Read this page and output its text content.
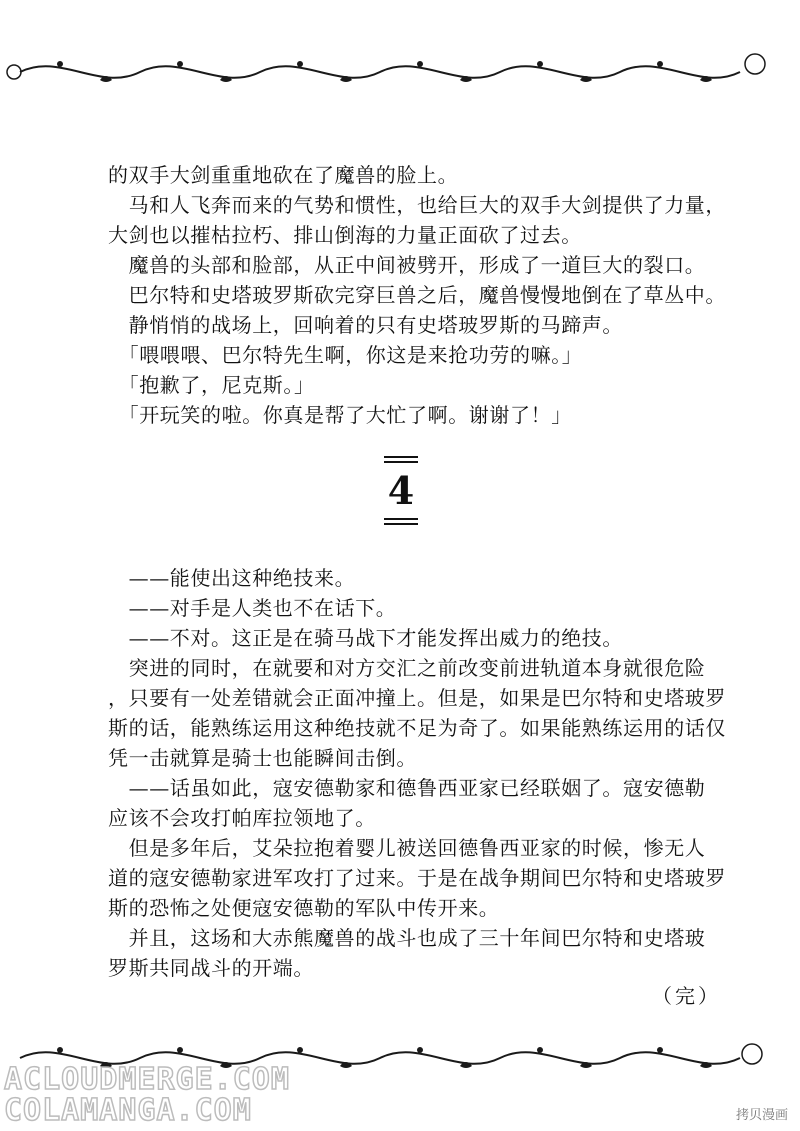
的双手大剑重重地砍在了魔兽的脸上。

　马和人飞奔而来的气势和惯性，也给巨大的双手大剑提供了力量，

大剑也以摧枯拉朽、排山倒海的力量正面砍了过去。

　魔兽的头部和脸部，从正中间被劈开，形成了一道巨大的裂口。

　巴尔特和史塔玻罗斯砍完穿巨兽之后，魔兽慢慢地倒在了草丛中。

　静悄悄的战场上，回响着的只有史塔玻罗斯的马蹄声。

　「喂喂喂、巴尔特先生啊，你这是来抢功劳的嘛。」

　「抱歉了，尼克斯。」

　「开玩笑的啦。你真是帮了大忙了啊。谢谢了！」

4

　——能使出这种绝技来。

　——对手是人类也不在话下。

　——不对。这正是在骑马战下才能发挥出威力的绝技。

　突进的同时，在就要和对方交汇之前改变前进轨道本身就很危险

，只要有一处差错就会正面冲撞上。但是，如果是巴尔特和史塔玻罗

斯的话，能熟练运用这种绝技就不足为奇了。如果能熟练运用的话仅

凭一击就算是骑士也能瞬间击倒。

　——话虽如此，寇安德勒家和德鲁西亚家已经联姻了。寇安德勒

应该不会攻打帕库拉领地了。

　但是多年后，艾朵拉抱着婴儿被送回德鲁西亚家的时候，惨无人

道的寇安德勒家进军攻打了过来。于是在战争期间巴尔特和史塔玻罗

斯的恐怖之处便寇安德勒的军队中传开来。

　并且，这场和大赤熊魔兽的战斗也成了三十年间巴尔特和史塔玻

罗斯共同战斗的开端。

（完）
ACLOUDMERGE.COM
COLAMANGA.COM	拷贝漫画
